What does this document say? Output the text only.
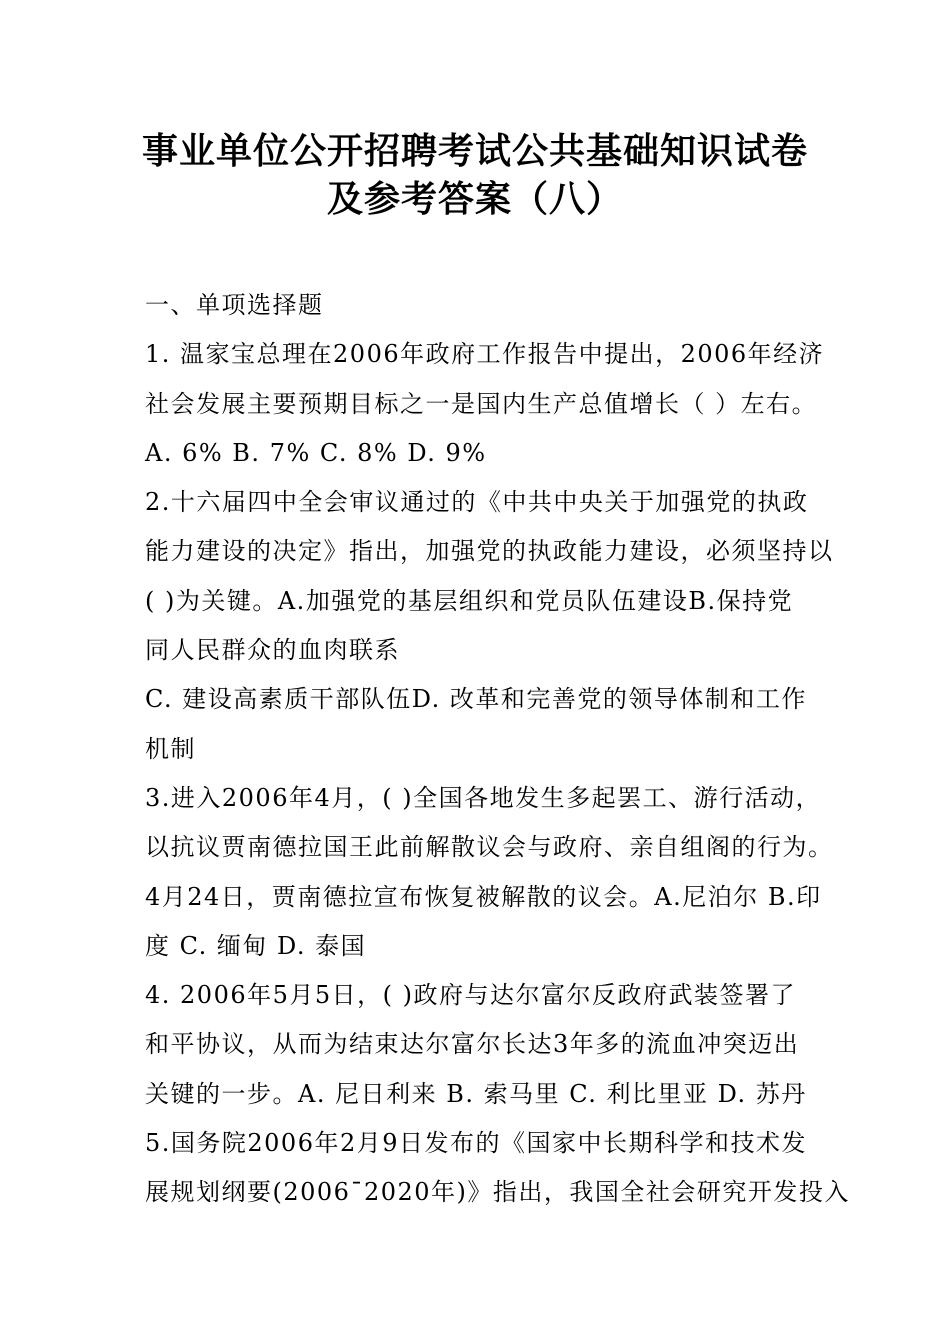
事业单位公开招聘考试公共基础知识试卷
及参考答案（八）
一、单项选择题
1. 温家宝总理在2006年政府工作报告中提出，2006年经济
社会发展主要预期目标之一是国内生产总值增长（ ）左右。
A. 6% B. 7% C. 8% D. 9%
2.十六届四中全会审议通过的《中共中央关于加强党的执政
能力建设的决定》指出，加强党的执政能力建设，必须坚持以
( )为关键。A.加强党的基层组织和党员队伍建设B.保持党
同人民群众的血肉联系
C. 建设高素质干部队伍D. 改革和完善党的领导体制和工作
机制
3.进入2006年4月，( )全国各地发生多起罢工、游行活动，
以抗议贾南德拉国王此前解散议会与政府、亲自组阁的行为。
4月24日，贾南德拉宣布恢复被解散的议会。A.尼泊尔 B.印
度 C. 缅甸 D. 泰国
4. 2006年5月5日，( )政府与达尔富尔反政府武装签署了
和平协议，从而为结束达尔富尔长达3年多的流血冲突迈出
关键的一步。A. 尼日利来 B. 索马里 C. 利比里亚 D. 苏丹
5.国务院2006年2月9日发布的《国家中长期科学和技术发
展规划纲要(2006¯2020年)》指出，我国全社会研究开发投入
